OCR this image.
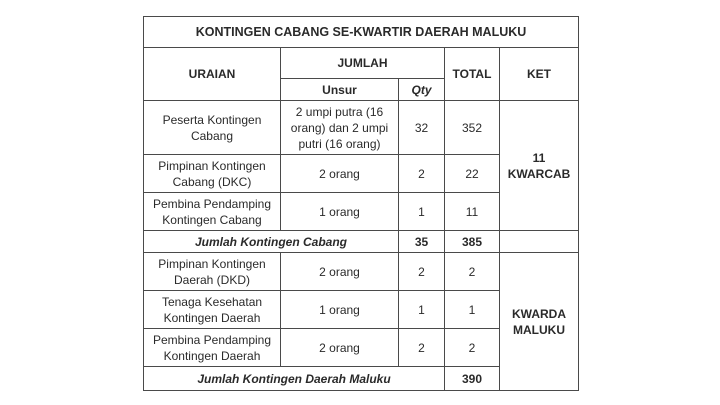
KONTINGEN CABANG SE-KWARTIR DAERAH MALUKU				
URAIAN	JUMLAH		TOTAL	KET
	Unsur	Qty		
Peserta Kontingen Cabang	2 umpi putra (16 orang) dan 2 umpi putri (16 orang)	32	352	11 KWARCAB
Pimpinan Kontingen Cabang (DKC)	2 orang	2	22	
Pembina Pendamping Kontingen Cabang	1 orang	1	11	
Jumlah Kontingen Cabang		35	385	
Pimpinan Kontingen Daerah (DKD)	2 orang	2	2	KWARDA MALUKU
Tenaga Kesehatan Kontingen Daerah	1 orang	1	1	
Pembina Pendamping Kontingen Daerah	2 orang	2	2	
Jumlah Kontingen Daerah Maluku			390	
